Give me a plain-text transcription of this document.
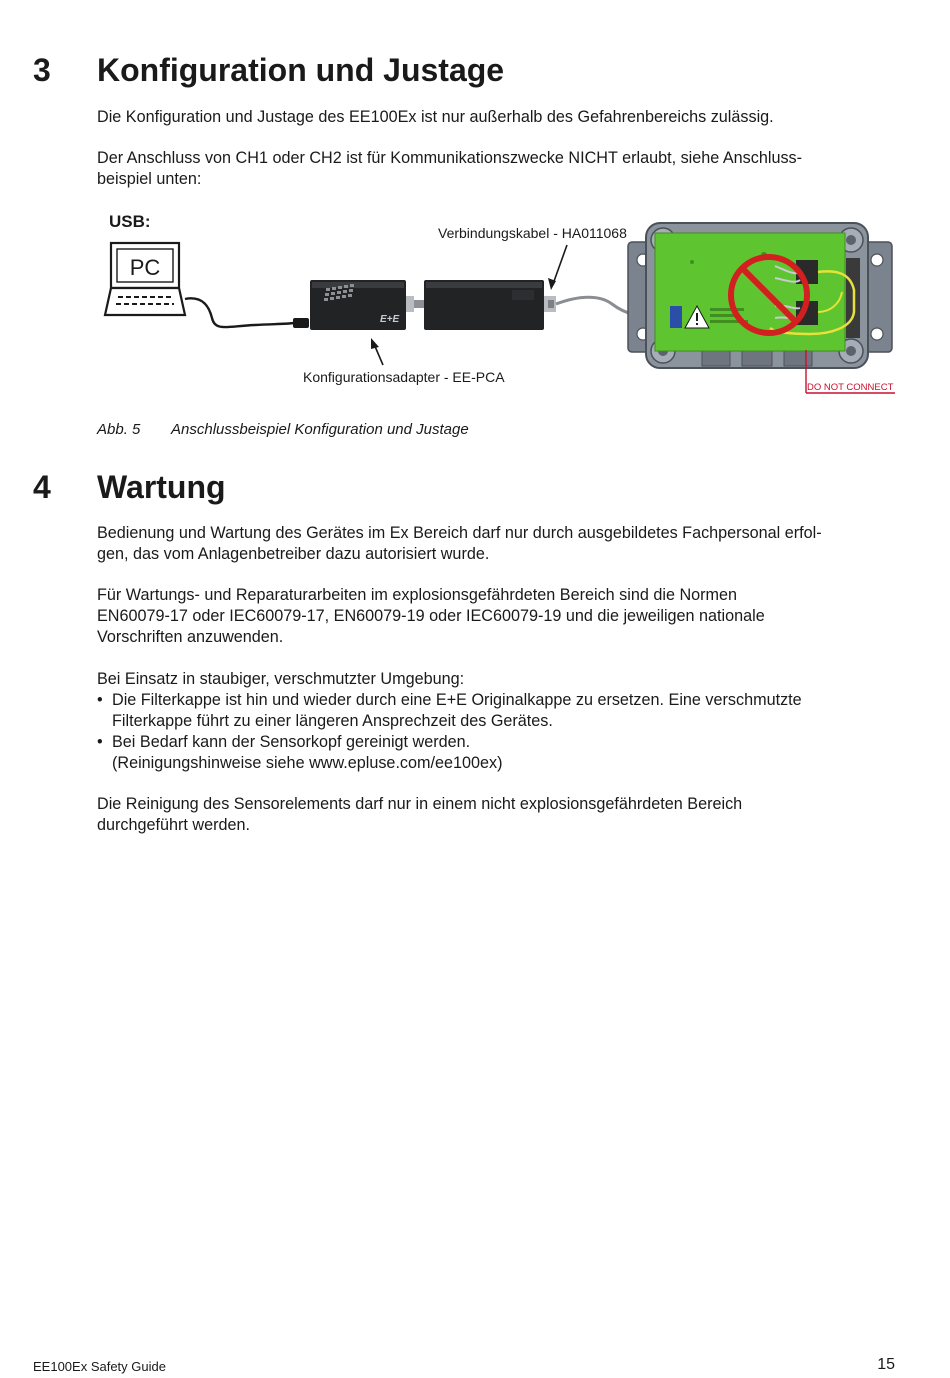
3 Konfiguration und Justage

Die Konfiguration und Justage des EE100Ex ist nur außerhalb des Gefahrenbereichs zulässig.

Der Anschluss von CH1 oder CH2 ist für Kommunikationszwecke NICHT erlaubt, siehe Anschluss-

beispiel unten:

USB:
PC
E+E
Verbindungskabel - HA011068
Konfigurationsadapter - EE-PCA
DO NOT CONNECT
Abb. 5 Anschlussbeispiel Konfiguration und Justage
4 Wartung

Bedienung und Wartung des Gerätes im Ex Bereich darf nur durch ausgebildetes Fachpersonal erfol-

gen, das vom Anlagenbetreiber dazu autorisiert wurde.

Für Wartungs- und Reparaturarbeiten im explosionsgefährdeten Bereich sind die Normen

EN60079-17 oder IEC60079-17, EN60079-19 oder IEC60079-19 und die jeweiligen nationale

Vorschriften anzuwenden.

Bei Einsatz in staubiger, verschmutzter Umgebung:

• Die Filterkappe ist hin und wieder durch eine E+E Originalkappe zu ersetzen. Eine verschmutzte
Filterkappe führt zu einer längeren Ansprechzeit des Gerätes.
• Bei Bedarf kann der Sensorkopf gereinigt werden.
(Reinigungshinweise siehe www.epluse.com/ee100ex)

Die Reinigung des Sensorelements darf nur in einem nicht explosionsgefährdeten Bereich

durchgeführt werden.

EE100Ex Safety Guide	15
